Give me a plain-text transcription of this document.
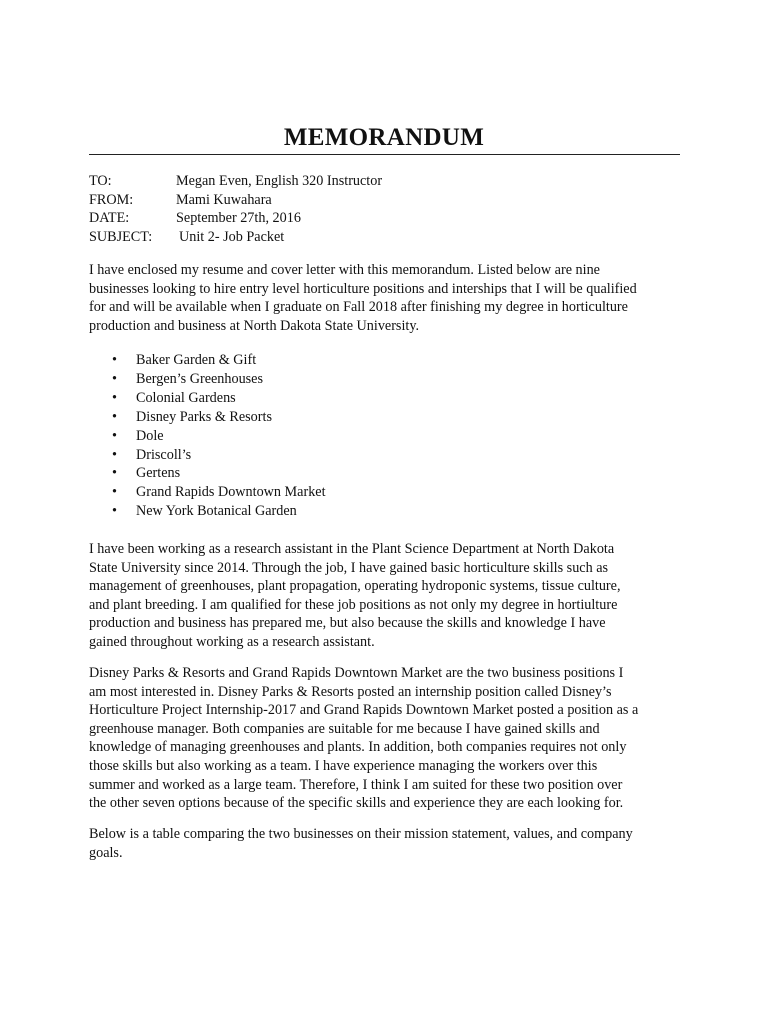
MEMORANDUM
TO:	Megan Even, English 320 Instructor
FROM:	Mami Kuwahara
DATE:	September 27th, 2016
SUBJECT:	Unit 2- Job Packet

I have enclosed my resume and cover letter with this memorandum. Listed below are nine
businesses looking to hire entry level horticulture positions and interships that I will be qualified
for and will be available when I graduate on Fall 2018 after finishing my degree in horticulture
production and business at North Dakota State University.

•	Baker Garden & Gift
•	Bergen’s Greenhouses
•	Colonial Gardens
•	Disney Parks & Resorts
•	Dole
•	Driscoll’s
•	Gertens
•	Grand Rapids Downtown Market
•	New York Botanical Garden

I have been working as a research assistant in the Plant Science Department at North Dakota
State University since 2014. Through the job, I have gained basic horticulture skills such as
management of greenhouses, plant propagation, operating hydroponic systems, tissue culture,
and plant breeding. I am qualified for these job positions as not only my degree in hortiulture
production and business has prepared me, but also because the skills and knowledge I have
gained throughout working as a research assistant.

Disney Parks & Resorts and Grand Rapids Downtown Market are the two business positions I
am most interested in. Disney Parks & Resorts posted an internship position called Disney’s
Horticulture Project Internship-2017 and Grand Rapids Downtown Market posted a position as a
greenhouse manager. Both companies are suitable for me because I have gained skills and
knowledge of managing greenhouses and plants. In addition, both companies requires not only
those skills but also working as a team. I have experience managing the workers over this
summer and worked as a large team. Therefore, I think I am suited for these two position over
the other seven options because of the specific skills and experience they are each looking for.

Below is a table comparing the two businesses on their mission statement, values, and company
goals.
